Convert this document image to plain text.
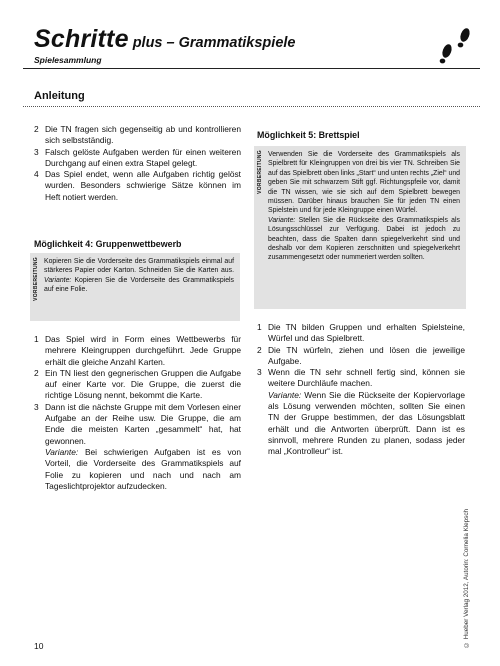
Schritte plus – Grammatikspiele
Spielesammlung
Anleitung
2 Die TN fragen sich gegenseitig ab und kontrollieren sich selbstständig.

3 Falsch gelöste Aufgaben werden für einen weiteren Durchgang auf einen extra Stapel gelegt.

4 Das Spiel endet, wenn alle Aufgaben richtig gelöst wurden. Besonders schwierige Sätze können im Heft notiert werden.

Möglichkeit 4: Gruppenwettbewerb
VORBEREITUNG Kopieren Sie die Vorderseite des Grammatikspiels einmal auf stärkeres Papier oder Karton. Schneiden Sie die Karten aus. Variante: Kopieren Sie die Vorderseite des Grammatikspiels auf eine Folie.

1 Das Spiel wird in Form eines Wettbewerbs für mehrere Kleingruppen durchgeführt. Jede Gruppe erhält die gleiche Anzahl Karten.

2 Ein TN liest den gegnerischen Gruppen die Aufgabe auf einer Karte vor. Die Gruppe, die zuerst die richtige Lösung nennt, bekommt die Karte.

3 Dann ist die nächste Gruppe mit dem Vorlesen einer Aufgabe an der Reihe usw. Die Gruppe, die am Ende die meisten Karten „gesammelt“ hat, hat gewonnen.
Variante: Bei schwierigen Aufgaben ist es von Vorteil, die Vorderseite des Grammatikspiels auf Folie zu kopieren und nach und nach am Tageslichtprojektor aufzudecken.

Möglichkeit 5: Brettspiel
VORBEREITUNG Verwenden Sie die Vorderseite des Grammatikspiels als Spielbrett für Kleingruppen von drei bis vier TN. Schreiben Sie auf das Spielbrett oben links „Start“ und unten rechts „Ziel“ und geben Sie mit schwarzem Stift ggf. Richtungspfeile vor, damit die TN wissen, wie sie sich auf dem Spielbrett bewegen müssen. Darüber hinaus brauchen Sie für jeden TN einen Spielstein und für jede Kleingruppe einen Würfel.
Variante: Stellen Sie die Rückseite des Grammatikspiels als Lösungsschlüssel zur Verfügung. Dabei ist jedoch zu beachten, dass die Spalten dann spiegelverkehrt sind und deshalb vor dem Kopieren zerschnitten und spiegelverkehrt zusammengesetzt oder nummeriert werden sollten.

1 Die TN bilden Gruppen und erhalten Spielsteine, Würfel und das Spielbrett.

2 Die TN würfeln, ziehen und lösen die jeweilige Aufgabe.

3 Wenn die TN sehr schnell fertig sind, können sie weitere Durchläufe machen.
Variante: Wenn Sie die Rückseite der Kopiervorlage als Lösung verwenden möchten, sollten Sie einen TN der Gruppe bestimmen, der das Lösungsblatt erhält und die Antworten überprüft. Dann ist es sinnvoll, mehrere Runden zu planen, sodass jeder mal „Kontrolleur“ ist.

© Hueber Verlag 2012, Autorin: Cornelia Klepsch
10
